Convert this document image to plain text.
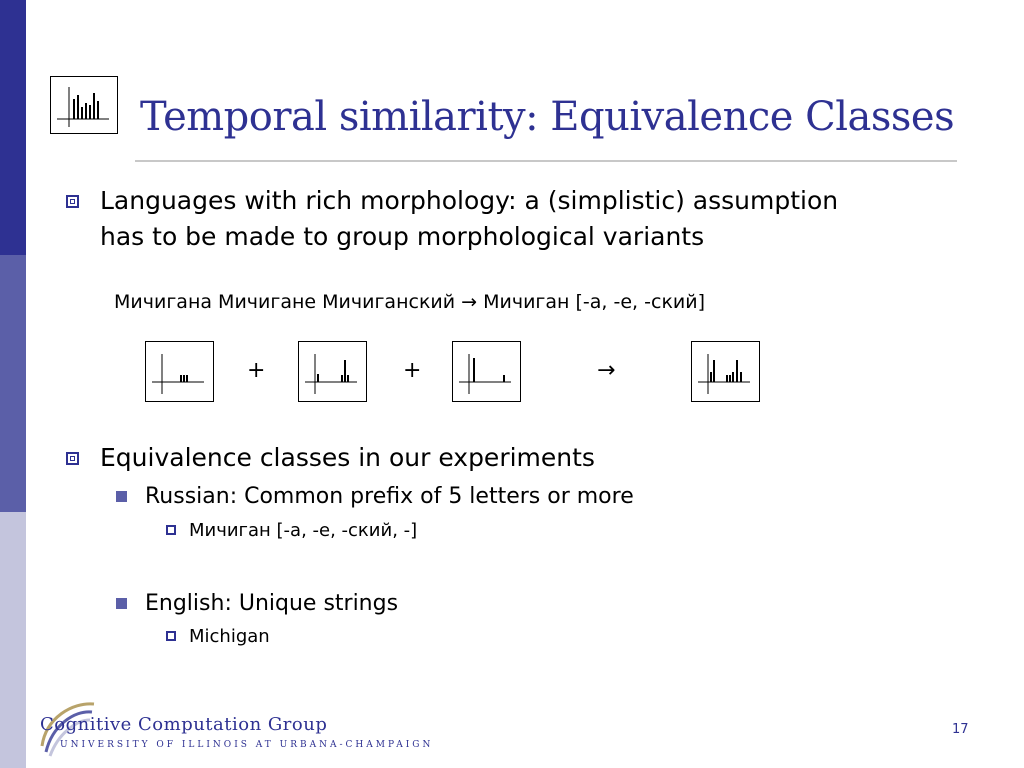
Temporal similarity: Equivalence Classes
Languages with rich morphology: a (simplistic) assumption
has to be made to group morphological variants
Мичигана Мичигане Мичиганский → Мичиган [-а, -е, -ский]
+	+	→
Equivalence classes in our experiments
Russian: Common prefix of 5 letters or more
Мичиган [-а, -е, -ский, -]
English: Unique strings
Michigan
Cognitive Computation Group
UNIVERSITY OF ILLINOIS AT URBANA-CHAMPAIGN
17
